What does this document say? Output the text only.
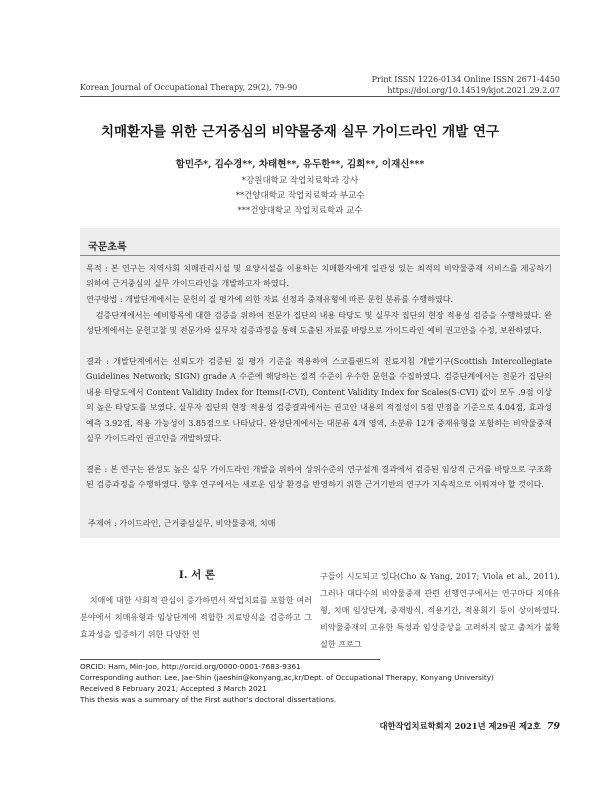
Print ISSN 1226-0134 Online ISSN 2671-4450
https://doi.org/10.14519/kjot.2021.29.2.07
Korean Journal of Occupational Therapy, 29(2), 79-90
치매환자를 위한 근거중심의 비약물중재 실무 가이드라인 개발 연구
함민주*, 김수경**, 차태현**, 유두한**, 김희**, 이재신***
*강원대학교 작업치료학과 강사
**건양대학교 작업치료학과 부교수
***건양대학교 작업치료학과 교수
국문초록
목적 : 본 연구는 지역사회 치매관리시설 및 요양시설을 이용하는 치매환자에게 일관성 있는 최적의 비약물중재 서비스를 제공하기 위하여 근거중심의 실무 가이드라인을 개발하고자 하였다.
연구방법 : 개발단계에서는 문헌의 질 평가에 의한 자료 선정과 중재유형에 따른 문헌 분류를 수행하였다.
검증단계에서는 예비항목에 대한 검증을 위하여 전문가 집단의 내용 타당도 및 실무자 집단의 현장 적용성 검증을 수행하였다. 완성단계에서는 문헌고찰 및 전문가와 실무자 검증과정을 통해 도출된 자료를 바탕으로 가이드라인 예비 권고안을 수정, 보완하였다.
결과 : 개발단계에서는 신뢰도가 검증된 질 평가 기준을 적용하여 스코틀랜드의 진료지침 개발기구(Scottish Intercollegiate Guidelines Network; SIGN) grade A 수준에 해당하는 질적 수준이 우수한 문헌을 수집하였다. 검증단계에서는 전문가 집단의 내용 타당도에서 Content Validity Index for Items(I-CVI), Content Validity Index for Scales(S-CVI) 값이 모두 .9점 이상의 높은 타당도를 보였다. 실무자 집단의 현장 적용성 검증결과에서는 권고안 내용의 적절성이 5점 만점을 기준으로 4.04점, 효과성 예측 3.92점, 적용 가능성이 3.85점으로 나타났다. 완성단계에서는 대분류 4개 영역, 소분류 12개 중재유형을 포함하는 비약물중재 실무 가이드라인 권고안을 개발하였다.
결론 : 본 연구는 완성도 높은 실무 가이드라인 개발을 위하여 상위수준의 연구설계 결과에서 검증된 임상적 근거를 바탕으로 구조화된 검증과정을 수행하였다. 향후 연구에서는 새로운 임상 환경을 반영하기 위한 근거기반의 연구가 지속적으로 이뤄져야 할 것이다.
주제어 : 가이드라인, 근거중심실무, 비약물중재, 치매
Ⅰ. 서 론
치매에 대한 사회적 관심이 증가하면서 작업치료를 포함한 여러 분야에서 치매유형과 임상단계에 적합한 치료방식을 검증하고 그 효과성을 입증하기 위한 다양한 연
구들이 시도되고 있다(Cho & Yang, 2017; Viola et al., 2011). 그러나 대다수의 비약물중재 관련 선행연구에서는 연구마다 치매유형, 치매 임상단계, 중재방식, 적용기간, 적용회기 등이 상이하였다. 비약물중재의 고유한 특성과 임상증상을 고려하지 않고 출처가 불확실한 프로그
ORCID: Ham, Min-Joo, http://orcid.org/0000-0001-7683-9361
Corresponding author: Lee, Jae-Shin (jaeshin@konyang,ac,kr/Dept. of Occupational Therapy, Konyang University)
Received 8 February 2021; Accepted 3 March 2021
This thesis was a summary of the First author's doctoral dissertations.
대한작업치료학회지 2021년 제29권 제2호 79
